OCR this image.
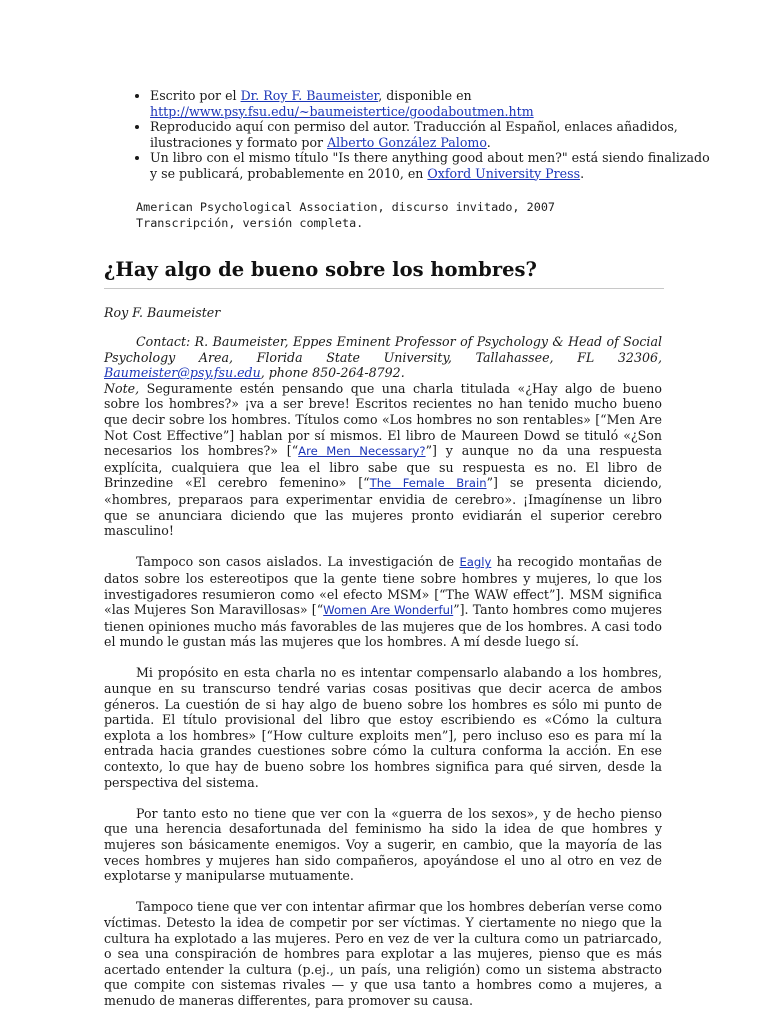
• Escrito por el Dr. Roy F. Baumeister, disponible en http://www.psy.fsu.edu/~baumeistertice/goodaboutmen.htm
• Reproducido aquí con permiso del autor. Traducción al Español, enlaces añadidos, ilustraciones y formato por Alberto González Palomo.
• Un libro con el mismo título "Is there anything good about men?" está siendo finalizado y se publicará, probablemente en 2010, en Oxford University Press.
American Psychological Association, discurso invitado, 2007
Transcripción, versión completa.
¿Hay algo de bueno sobre los hombres?

Roy F. Baumeister

Contact: R. Baumeister, Eppes Eminent Professor of Psychology & Head of Social Psychology Area, Florida State University, Tallahassee, FL 32306, Baumeister@psy.fsu.edu, phone 850-264-8792.

Note, Seguramente estén pensando que una charla titulada «¿Hay algo de bueno sobre los hombres?» ¡va a ser breve! Escritos recientes no han tenido mucho bueno que decir sobre los hombres. Títulos como «Los hombres no son rentables» [“Men Are Not Cost Effective”] hablan por sí mismos. El libro de Maureen Dowd se tituló «¿Son necesarios los hombres?» [“Are Men Necessary?”] y aunque no da una respuesta explícita, cualquiera que lea el libro sabe que su respuesta es no. El libro de Brinzedine «El cerebro femenino» [“The Female Brain”] se presenta diciendo, «hombres, preparaos para experimentar envidia de cerebro». ¡Imagínense un libro que se anunciara diciendo que las mujeres pronto evidiarán el superior cerebro masculino!

Tampoco son casos aislados. La investigación de Eagly ha recogido montañas de datos sobre los estereotipos que la gente tiene sobre hombres y mujeres, lo que los investigadores resumieron como «el efecto MSM» [“The WAW effect”]. MSM significa «las Mujeres Son Maravillosas» [“Women Are Wonderful”]. Tanto hombres como mujeres tienen opiniones mucho más favorables de las mujeres que de los hombres. A casi todo el mundo le gustan más las mujeres que los hombres. A mí desde luego sí.

Mi propósito en esta charla no es intentar compensarlo alabando a los hombres, aunque en su transcurso tendré varias cosas positivas que decir acerca de ambos géneros. La cuestión de si hay algo de bueno sobre los hombres es sólo mi punto de partida. El título provisional del libro que estoy escribiendo es «Cómo la cultura explota a los hombres» [“How culture exploits men”], pero incluso eso es para mí la entrada hacia grandes cuestiones sobre cómo la cultura conforma la acción. En ese contexto, lo que hay de bueno sobre los hombres significa para qué sirven, desde la perspectiva del sistema.

Por tanto esto no tiene que ver con la «guerra de los sexos», y de hecho pienso que una herencia desafortunada del feminismo ha sido la idea de que hombres y mujeres son básicamente enemigos. Voy a sugerir, en cambio, que la mayoría de las veces hombres y mujeres han sido compañeros, apoyándose el uno al otro en vez de explotarse y manipularse mutuamente.

Tampoco tiene que ver con intentar afirmar que los hombres deberían verse como víctimas. Detesto la idea de competir por ser víctimas. Y ciertamente no niego que la cultura ha explotado a las mujeres. Pero en vez de ver la cultura como un patriarcado, o sea una conspiración de hombres para explotar a las mujeres, pienso que es más acertado entender la cultura (p.ej., un país, una religión) como un sistema abstracto que compite con sistemas rivales — y que usa tanto a hombres como a mujeres, a menudo de maneras differentes, para promover su causa.
